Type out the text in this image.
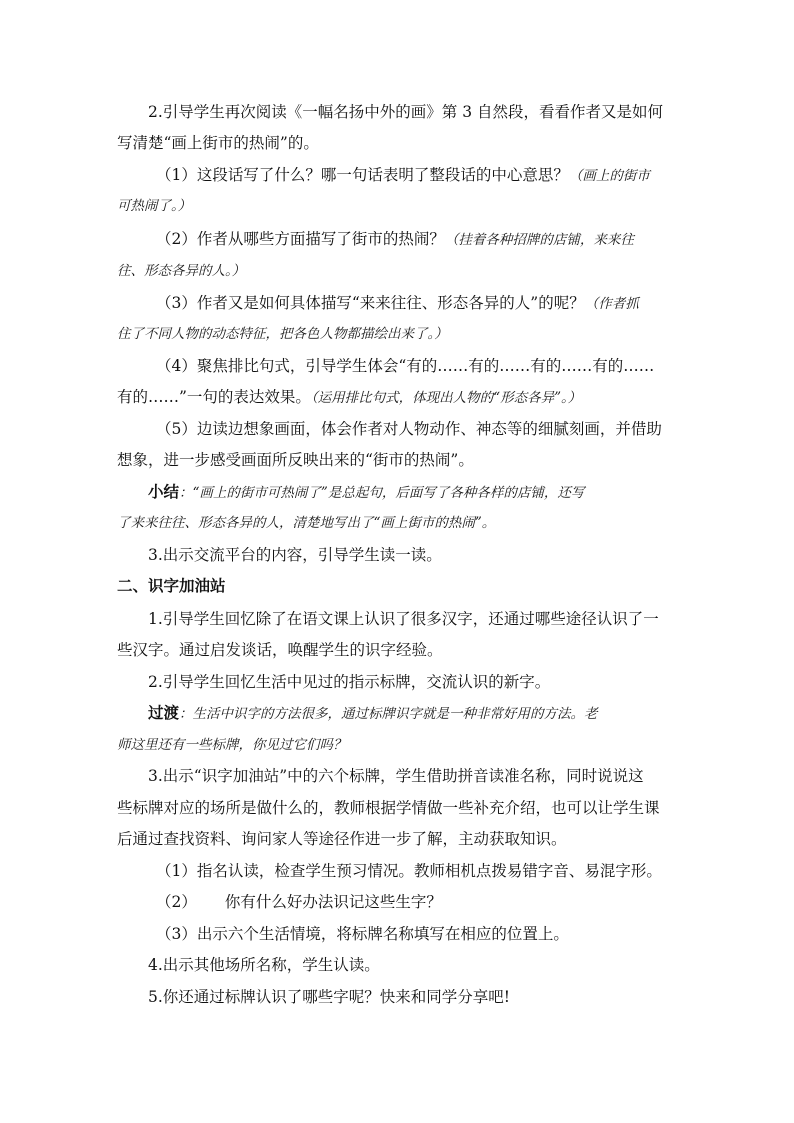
2.引导学生再次阅读《一幅名扬中外的画》第 3 自然段，看看作者又是如何
写清楚“画上街市的热闹”的。
（1）这段话写了什么？哪一句话表明了整段话的中心意思？（画上的街市
可热闹了。）
（2）作者从哪些方面描写了街市的热闹？（挂着各种招牌的店铺，来来往
往、形态各异的人。）
（3）作者又是如何具体描写“来来往往、形态各异的人”的呢？（作者抓
住了不同人物的动态特征，把各色人物都描绘出来了。）
（4）聚焦排比句式，引导学生体会“有的……有的……有的……有的……
有的……”一句的表达效果。（运用排比句式，体现出人物的“形态各异”。）
（5）边读边想象画面，体会作者对人物动作、神态等的细腻刻画，并借助
想象，进一步感受画面所反映出来的“街市的热闹”。
小结：“画上的街市可热闹了”是总起句，后面写了各种各样的店铺，还写
了来来往往、形态各异的人，清楚地写出了“画上街市的热闹”。
3.出示交流平台的内容，引导学生读一读。
二、识字加油站
1.引导学生回忆除了在语文课上认识了很多汉字，还通过哪些途径认识了一
些汉字。通过启发谈话，唤醒学生的识字经验。
2.引导学生回忆生活中见过的指示标牌，交流认识的新字。
过渡：生活中识字的方法很多，通过标牌识字就是一种非常好用的方法。老
师这里还有一些标牌，你见过它们吗？
3.出示“识字加油站”中的六个标牌，学生借助拼音读准名称，同时说说这
些标牌对应的场所是做什么的，教师根据学情做一些补充介绍，也可以让学生课
后通过查找资料、询问家人等途径作进一步了解，主动获取知识。
（1）指名认读，检查学生预习情况。教师相机点拨易错字音、易混字形。
（2） 你有什么好办法识记这些生字？
（3）出示六个生活情境，将标牌名称填写在相应的位置上。
4.出示其他场所名称，学生认读。
5.你还通过标牌认识了哪些字呢？快来和同学分享吧!
